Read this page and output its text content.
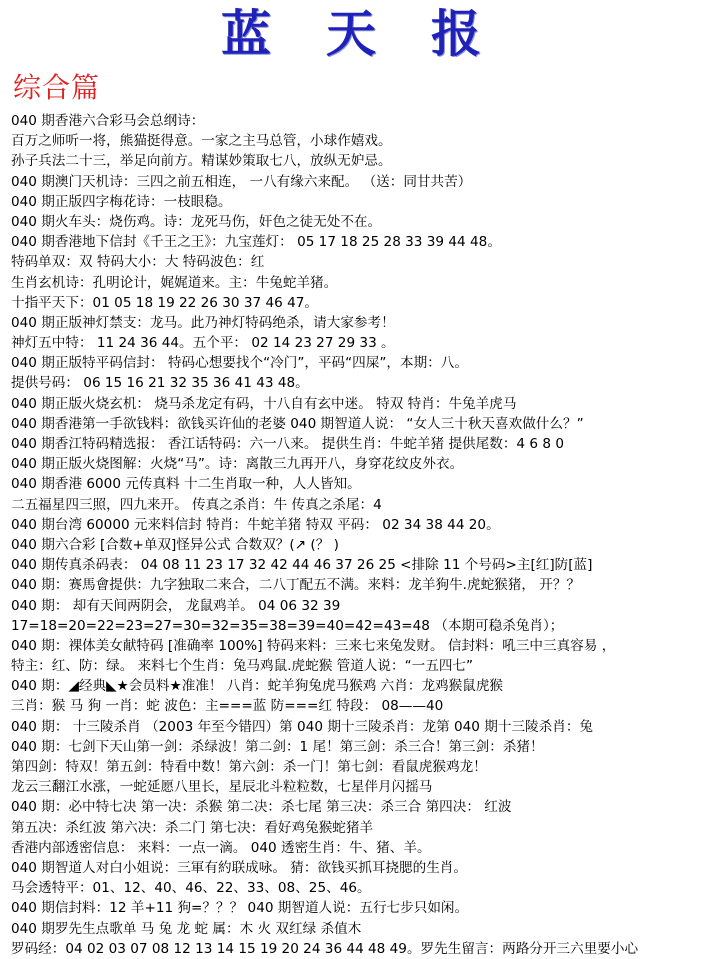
蓝天报
综合篇
040 期香港六合彩马会总纲诗：
百万之师听一将，熊猫挺得意。一家之主马总管，小球作嬉戏。
孙子兵法二十三，举足向前方。精谋妙策取七八，放纵无妒忌。
040 期澳门天机诗：三四之前五相连， 一八有缘六来配。 （送：同甘共苦）
040 期正版四字梅花诗：一枝眼稳。
040 期火车头：烧伤鸡。诗：龙死马伤，奸色之徒无处不在。
040 期香港地下信封《千王之王》：九宝莲灯： 05 17 18 25 28 33 39 44 48。
特码单双：双 特码大小：大 特码波色：红
生肖玄机诗：孔明论计，娓娓道来。主：牛兔蛇羊猪。
十指平天下：01 05 18 19 22 26 30 37 46 47。
040 期正版神灯禁支：龙马。此乃神灯特码绝杀，请大家参考！
神灯五中特： 11 24 36 44。五个平： 02 14 23 27 29 33 。
040 期正版特平码信封： 特码心想要找个“冷门”，平码“四屎”，本期：八。
提供号码： 06 15 16 21 32 35 36 41 43 48。
040 期正版火烧玄机： 烧马杀龙定有码，十八自有玄中迷。 特双 特肖：牛兔羊虎马
040 期香港第一手欲钱料：欲钱买许仙的老婆 040 期智道人说： “女人三十秋天喜欢做什么？”
040 期香江特码精选报： 香江话特码：六一八来。 提供生肖：牛蛇羊猪 提供尾数：4 6 8 0
040 期正版火烧图解：火烧“马”。诗：离散三九再开八，身穿花纹皮外衣。
040 期香港 6000 元传真料 十二生肖取一种，人人皆知。
二五福星四三照，四九来开。 传真之杀肖：牛 传真之杀尾：4
040 期台湾 60000 元来料信封 特肖：牛蛇羊猪 特双 平码： 02 34 38 44 20。
040 期六合彩 [合数+单双]怪异公式 合数双？(↗ (？ )
040 期传真杀码表： 04 08 11 23 17 32 42 44 46 37 26 25 <排除 11 个号码>主[红]防[蓝]
040 期：赛馬會提供：九字独取二来合，二八丁配五不满。来料：龙羊狗牛.虎蛇猴猪， 开？？
040 期： 却有天间两阴会， 龙鼠鸡羊。 04 06 32 39
17=18=20=22=23=27=30=32=35=38=39=40=42=43=48 （本期可稳杀兔肖）；
040 期：裸体美女献特码 [准确率 100%] 特码来料：三来七来兔发财。 信封料：吼三中三真容易 ，
特主：红、防：绿。 来料七个生肖：兔马鸡鼠.虎蛇猴 管道人说：“一五四七”
040 期：◢经典◣★会员料★准准！ 八肖：蛇羊狗兔虎马猴鸡 六肖：龙鸡猴鼠虎猴
三肖：猴 马 狗 一肖：蛇 波色：主===蓝 防===红 特段： 08——40
040 期： 十三陵杀肖 （2003 年至今错四）第 040 期十三陵杀肖：龙第 040 期十三陵杀肖：兔
040 期：七剑下天山第一剑：杀绿波！第二剑：1 尾！第三剑：杀三合！第三剑：杀猪！
第四剑：特双！第五剑：特看中数！第六剑：杀一门！第七剑：看鼠虎猴鸡龙！
龙云三翻江水涨，一蛇延愿八里长，星辰北斗粒粒数，七星伴月闪摇马
040 期：必中特七决 第一决：杀猴 第二决：杀七尾 第三决：杀三合 第四决： 红波
第五决：杀红波 第六决：杀二门 第七决：看好鸡兔猴蛇猪羊
香港内部透密信息： 来料：一点一滴。 040 透密生肖：牛、猪、羊。
040 期智道人对白小姐说：三軍有約联成咏。 猜：欲钱买抓耳挠腮的生肖。
马会透特平：01、12、40、46、22、33、08、25、46。
040 期信封料：12 羊+11 狗=？？？ 040 期智道人说：五行七步只如闲。
040 期罗先生点歌单 马 兔 龙 蛇 属：木 火 双红绿 杀值木
罗码经：04 02 03 07 08 12 13 14 15 19 20 24 36 44 48 49。罗先生留言：两路分开三六里要小心
